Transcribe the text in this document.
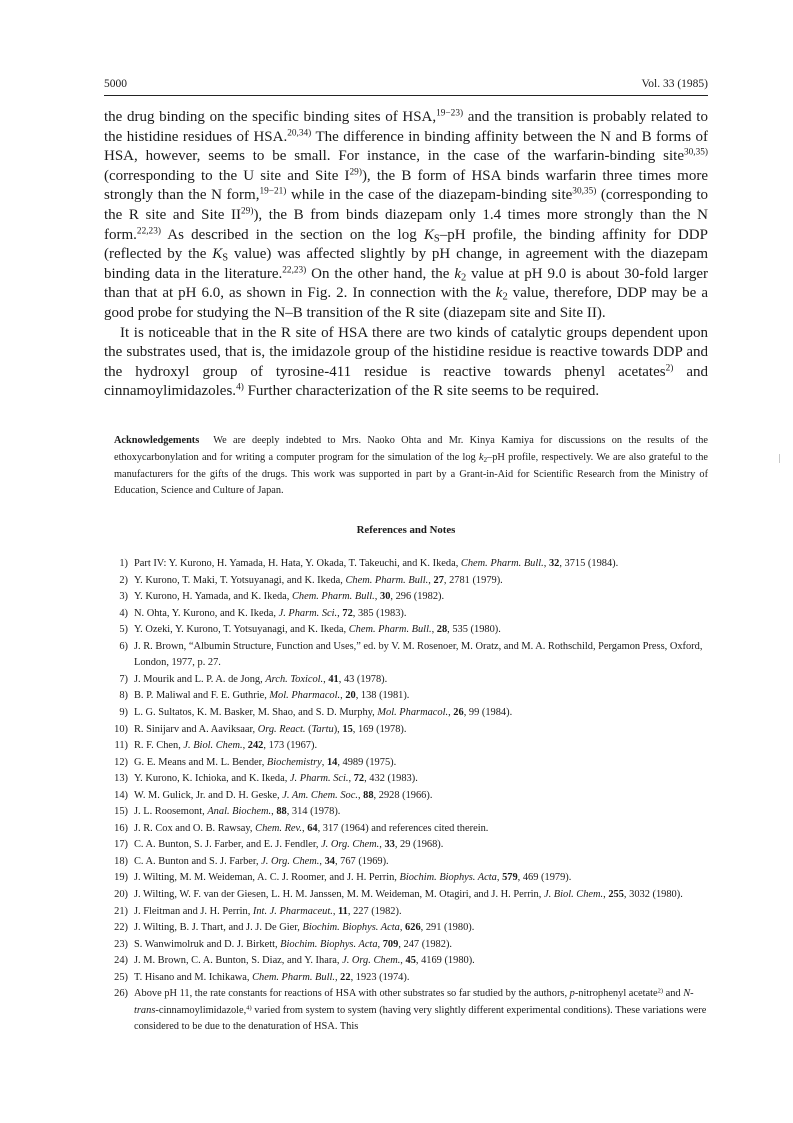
5000	Vol. 33 (1985)

the drug binding on the specific binding sites of HSA,$^{19-23)}$ and the transition is probably related to the histidine residues of HSA.$^{20,34)}$ The difference in binding affinity between the N and B forms of HSA, however, seems to be small. For instance, in the case of the warfarin-binding site$^{30,35)}$ (corresponding to the U site and Site $I^{29)}$), the B form of HSA binds warfarin three times more strongly than the N form,$^{19-21)}$ while in the case of the diazepam-binding site$^{30,35)}$ (corresponding to the R site and Site II$^{29)}$), the B from binds diazepam only 1.4 times more strongly than the N form.$^{22,23)}$ As described in the section on the $\log K_S-pH$ profile, the binding affinity for DDP (reflected by the $K_S$ value) was affected slightly by pH change, in agreement with the diazepam binding data in the literature.$^{22,23)}$ On the other hand, the $k_2$ value at pH 9.0 is about 30-fold larger than that at pH 6.0, as shown in Fig. 2. In connection with the $k_2$ value, therefore, DDP may be a good probe for studying the N–B transition of the R site (diazepam site and Site II).

It is noticeable that in the R site of HSA there are two kinds of catalytic groups dependent upon the substrates used, that is, the imidazole group of the histidine residue is reactive towards DDP and the hydroxyl group of tyrosine-411 residue is reactive towards phenyl acetates$^{2)}$ and cinnamoylimidazoles.$^{4)}$ Further characterization of the R site seems to be required.

Acknowledgements We are deeply indebted to Mrs. Naoko Ohta and Mr. Kinya Kamiya for discussions on the results of the ethoxycarbonylation and for writing a computer program for the simulation of the $\log k_2-pH$ profile, respectively. We are also grateful to the manufacturers for the gifts of the drugs. This work was supported in part by a Grant-in-Aid for Scientific Research from the Ministry of Education, Science and Culture of Japan.

References and Notes
1) Part IV: Y. Kurono, H. Yamada, H. Hata, Y. Okada, T. Takeuchi, and K. Ikeda, Chem. Pharm. Bull., 32, 3715 (1984).
2) Y. Kurono, T. Maki, T. Yotsuyanagi, and K. Ikeda, Chem. Pharm. Bull., 27, 2781 (1979).
3) Y. Kurono, H. Yamada, and K. Ikeda, Chem. Pharm. Bull., 30, 296 (1982).
4) N. Ohta, Y. Kurono, and K. Ikeda, J. Pharm. Sci., 72, 385 (1983).
5) Y. Ozeki, Y. Kurono, T. Yotsuyanagi, and K. Ikeda, Chem. Pharm. Bull., 28, 535 (1980).
6) J. R. Brown, “Albumin Structure, Function and Uses,” ed. by V. M. Rosenoer, M. Oratz, and M. A. Rothschild, Pergamon Press, Oxford, London, 1977, p. 27.
7) J. Mourik and L. P. A. de Jong, Arch. Toxicol., 41, 43 (1978).
8) B. P. Maliwal and F. E. Guthrie, Mol. Pharmacol., 20, 138 (1981).
9) L. G. Sultatos, K. M. Basker, M. Shao, and S. D. Murphy, Mol. Pharmacol., 26, 99 (1984).
10) R. Sinijarv and A. Aaviksaar, Org. React. (Tartu), 15, 169 (1978).
11) R. F. Chen, J. Biol. Chem., 242, 173 (1967).
12) G. E. Means and M. L. Bender, Biochemistry, 14, 4989 (1975).
13) Y. Kurono, K. Ichioka, and K. Ikeda, J. Pharm. Sci., 72, 432 (1983).
14) W. M. Gulick, Jr. and D. H. Geske, J. Am. Chem. Soc., 88, 2928 (1966).
15) J. L. Roosemont, Anal. Biochem., 88, 314 (1978).
16) J. R. Cox and O. B. Rawsay, Chem. Rev., 64, 317 (1964) and references cited therein.
17) C. A. Bunton, S. J. Farber, and E. J. Fendler, J. Org. Chem., 33, 29 (1968).
18) C. A. Bunton and S. J. Farber, J. Org. Chem., 34, 767 (1969).
19) J. Wilting, M. M. Weideman, A. C. J. Roomer, and J. H. Perrin, Biochim. Biophys. Acta, 579, 469 (1979).
20) J. Wilting, W. F. van der Giesen, L. H. M. Janssen, M. M. Weideman, M. Otagiri, and J. H. Perrin, J. Biol. Chem., 255, 3032 (1980).
21) J. Fleitman and J. H. Perrin, Int. J. Pharmaceut., 11, 227 (1982).
22) J. Wilting, B. J. Thart, and J. J. De Gier, Biochim. Biophys. Acta, 626, 291 (1980).
23) S. Wanwimolruk and D. J. Birkett, Biochim. Biophys. Acta, 709, 247 (1982).
24) J. M. Brown, C. A. Bunton, S. Diaz, and Y. Ihara, J. Org. Chem., 45, 4169 (1980).
25) T. Hisano and M. Ichikawa, Chem. Pharm. Bull., 22, 1923 (1974).
26) Above pH 11, the rate constants for reactions of HSA with other substrates so far studied by the authors, p-nitrophenyl acetate$^{2)}$ and N-trans-cinnamoylimidazole,$^{4)}$ varied from system to system (having very slightly different experimental conditions). These variations were considered to be due to the denaturation of HSA. This
